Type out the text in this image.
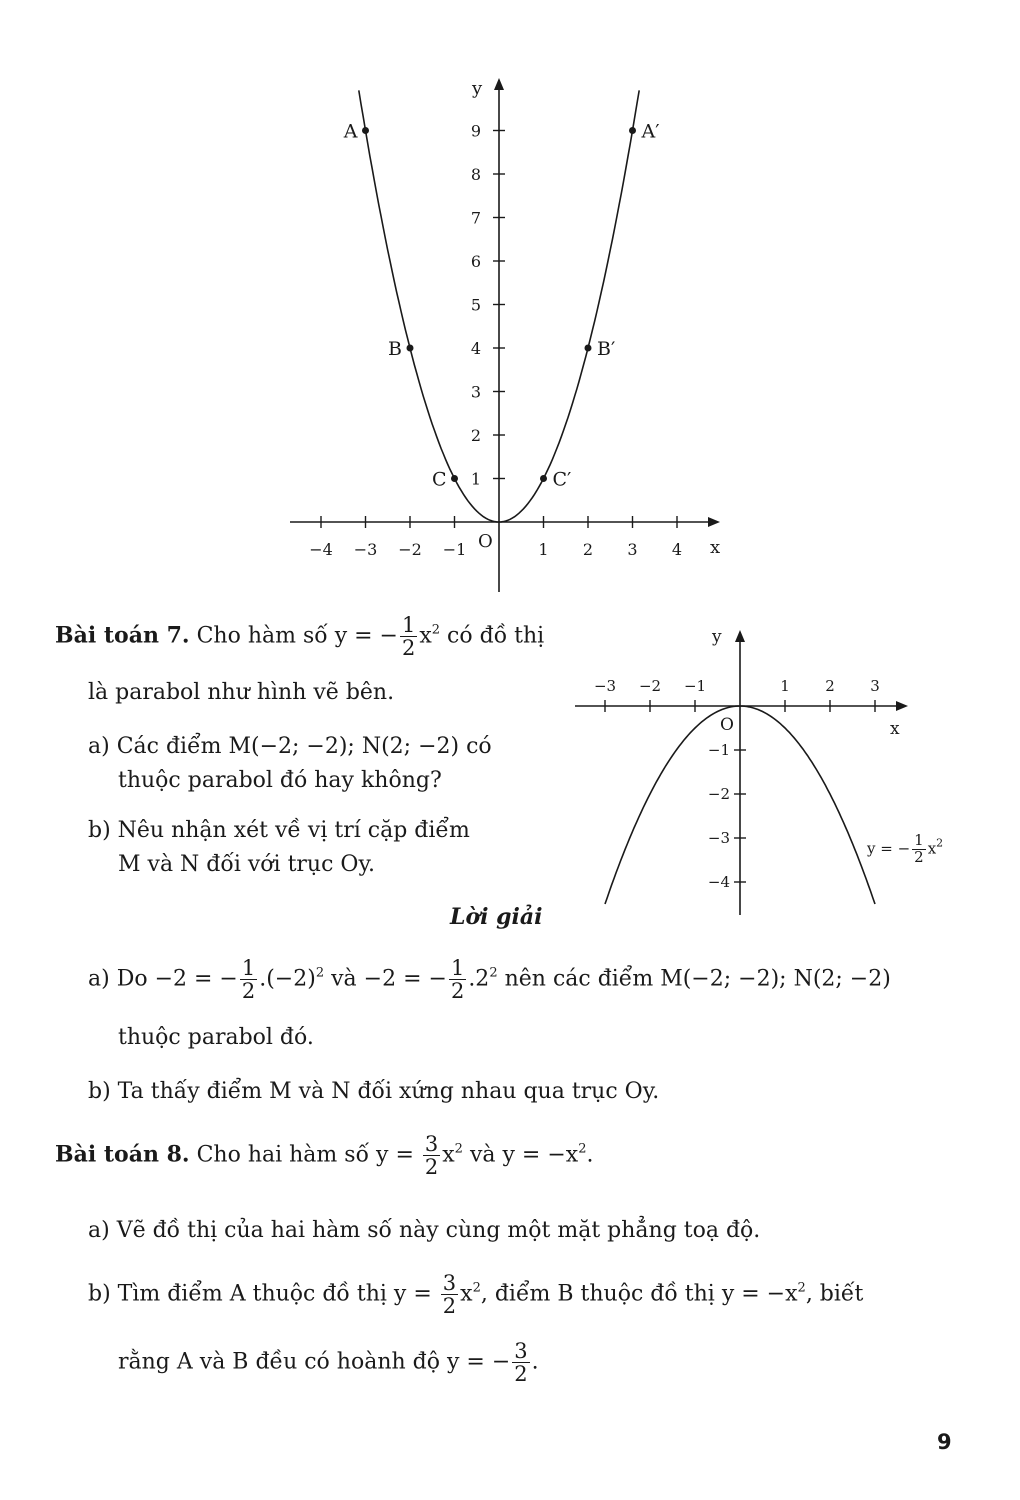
−4 −3 −2 −1	1 2 3 4
1
2
3
4
5
6
7
8
9
A
B
C
A′
B′
C′
x
y
O
−3 −2 −1	1 2 3
−1
−2
−3
−4
x
y
O
y = − $\frac{1}{2} x^2$
Bài toán 7. Cho hàm số y = − $\frac{1}{2} x^2$ có đồ thị
là parabol như hình vẽ bên.
a) Các điểm M(−2; −2); N(2; −2) có
thuộc parabol đó hay không?
b) Nêu nhận xét về vị trí cặp điểm
M và N đối với trục Oy.
Lời giải
a) Do −2 = − $\frac{1}{2} .(-2)^2$ và −2 = − $\frac{1}{2} .2^2$ nên các điểm M(−2; −2); N(2; −2)
thuộc parabol đó.
b) Ta thấy điểm M và N đối xứng nhau qua trục Oy.
Bài toán 8. Cho hai hàm số $y = \frac{3}{2} x^2$ và $y = -x^2$.
a) Vẽ đồ thị của hai hàm số này cùng một mặt phẳng toạ độ.
b) Tìm điểm A thuộc đồ thị $y = \frac{3}{2} x^2$, điểm B thuộc đồ thị $y = -x^2$, biết
rằng A và B đều có hoành độ y = − $\frac{3}{2}$ .
9
